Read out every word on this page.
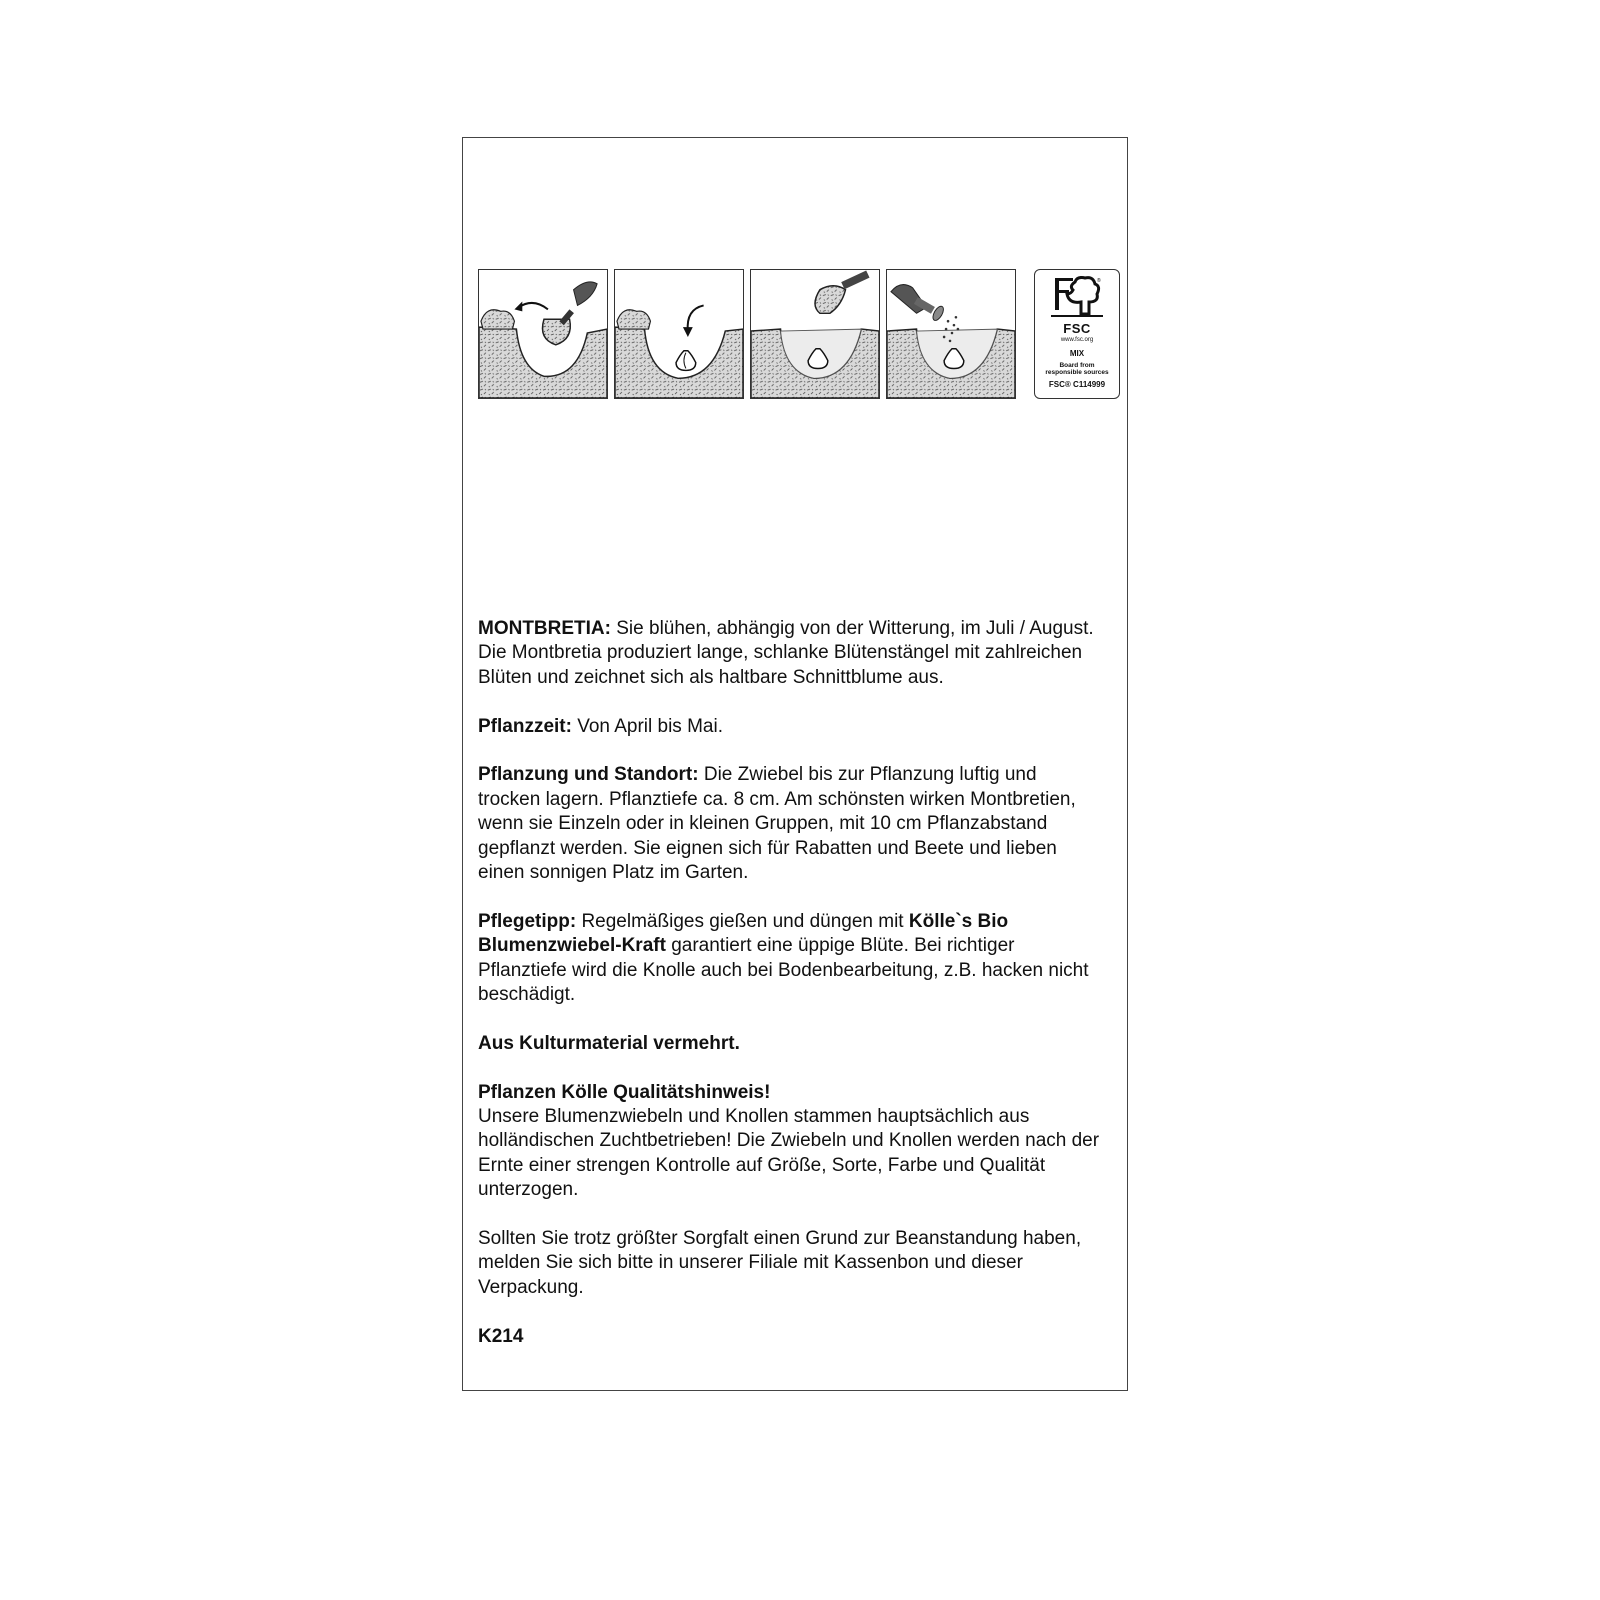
®
FSC
www.fsc.org
MIX
Board from
responsible sources
FSC® C114999

MONTBRETIA: Sie blühen, abhängig von der Witterung, im Juli / August. Die Montbretia produziert lange, schlanke Blütenstängel mit zahlreichen Blüten und zeichnet sich als haltbare Schnittblume aus.

Pflanzzeit: Von April bis Mai.

Pflanzung und Standort: Die Zwiebel bis zur Pflanzung luftig und trocken lagern. Pflanztiefe ca. 8 cm. Am schönsten wirken Montbretien, wenn sie Einzeln oder in kleinen Gruppen, mit 10 cm Pflanzabstand gepflanzt werden. Sie eignen sich für Rabatten und Beete und lieben einen sonnigen Platz im Garten.

Pflegetipp: Regelmäßiges gießen und düngen mit Kölle`s Bio Blumenzwiebel-Kraft garantiert eine üppige Blüte. Bei richtiger Pflanztiefe wird die Knolle auch bei Bodenbearbeitung, z.B. hacken nicht beschädigt.

Aus Kulturmaterial vermehrt.

Pflanzen Kölle Qualitätshinweis!
Unsere Blumenzwiebeln und Knollen stammen hauptsächlich aus holländischen Zuchtbetrieben! Die Zwiebeln und Knollen werden nach der Ernte einer strengen Kontrolle auf Größe, Sorte, Farbe und Qualität unterzogen.

Sollten Sie trotz größter Sorgfalt einen Grund zur Beanstandung haben, melden Sie sich bitte in unserer Filiale mit Kassenbon und dieser Verpackung.

K214
